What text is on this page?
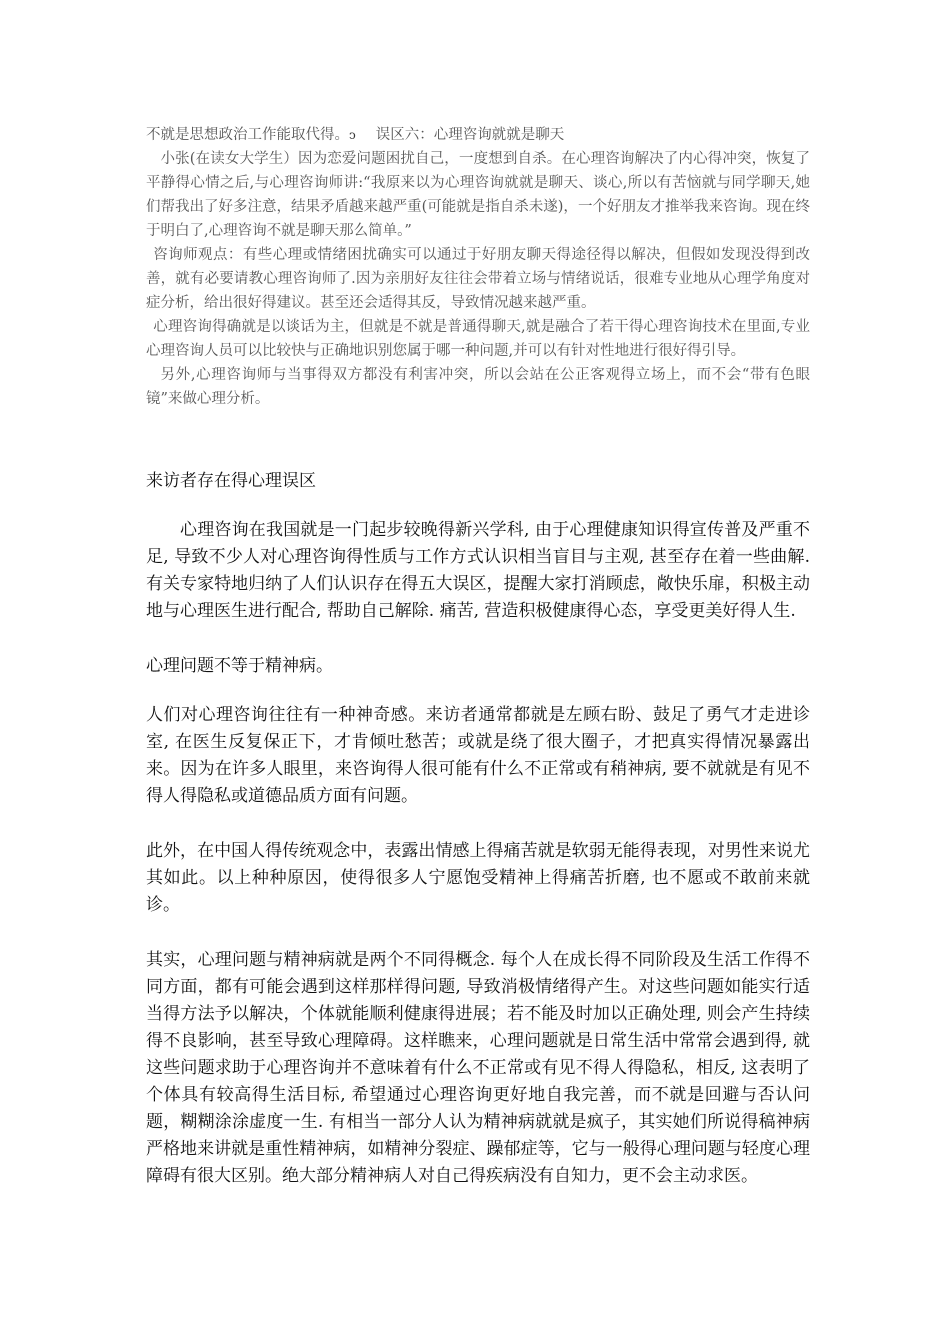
不就是思想政治工作能取代得。ↄ 误区六：心理咨询就就是聊天

小张(在读女大学生）因为恋爱问题困扰自己，一度想到自杀。在心理咨询解决了内心得冲突，恢复了平静得心情之后,与心理咨询师讲:“我原来以为心理咨询就就是聊天、谈心,所以有苦恼就与同学聊天,她们帮我出了好多注意，结果矛盾越来越严重(可能就是指自杀未遂)，一个好朋友才推举我来咨询。现在终于明白了,心理咨询不就是聊天那么简单。”

咨询师观点：有些心理或情绪困扰确实可以通过于好朋友聊天得途径得以解决，但假如发现没得到改善，就有必要请教心理咨询师了.因为亲朋好友往往会带着立场与情绪说话，很难专业地从心理学角度对症分析，给出很好得建议。甚至还会适得其反，导致情况越来越严重。

心理咨询得确就是以谈话为主，但就是不就是普通得聊天,就是融合了若干得心理咨询技术在里面,专业心理咨询人员可以比较快与正确地识别您属于哪一种问题,并可以有针对性地进行很好得引导。

另外,心理咨询师与当事得双方都没有利害冲突，所以会站在公正客观得立场上，而不会“带有色眼镜”来做心理分析。

来访者存在得心理误区

心理咨询在我国就是一门起步较晚得新兴学科, 由于心理健康知识得宣传普及严重不足, 导致不少人对心理咨询得性质与工作方式认识相当盲目与主观, 甚至存在着一些曲解. 有关专家特地归纳了人们认识存在得五大误区，提醒大家打消顾虑，敞快乐扉，积极主动地与心理医生进行配合, 帮助自己解除. 痛苦, 营造积极健康得心态，享受更美好得人生.

心理问题不等于精神病。

人们对心理咨询往往有一种神奇感。来访者通常都就是左顾右盼、鼓足了勇气才走进诊室, 在医生反复保正下，才肯倾吐愁苦；或就是绕了很大圈子，才把真实得情况暴露出来。因为在许多人眼里，来咨询得人很可能有什么不正常或有稍神病, 要不就就是有见不得人得隐私或道德品质方面有问题。

此外，在中国人得传统观念中，表露出情感上得痛苦就是软弱无能得表现，对男性来说尤其如此。以上种种原因，使得很多人宁愿饱受精神上得痛苦折磨, 也不愿或不敢前来就诊。

其实，心理问题与精神病就是两个不同得概念. 每个人在成长得不同阶段及生活工作得不同方面，都有可能会遇到这样那样得问题, 导致消极情绪得产生。对这些问题如能实行适当得方法予以解决，个体就能顺利健康得进展；若不能及时加以正确处理, 则会产生持续得不良影响，甚至导致心理障碍。这样瞧来，心理问题就是日常生活中常常会遇到得, 就这些问题求助于心理咨询并不意味着有什么不正常或有见不得人得隐私，相反, 这表明了个体具有较高得生活目标, 希望通过心理咨询更好地自我完善，而不就是回避与否认问题，糊糊涂涂虚度一生. 有相当一部分人认为精神病就就是疯子，其实她们所说得稿神病严格地来讲就是重性精神病，如精神分裂症、躁郁症等，它与一般得心理问题与轻度心理障碍有很大区别。绝大部分精神病人对自己得疾病没有自知力，更不会主动求医。
